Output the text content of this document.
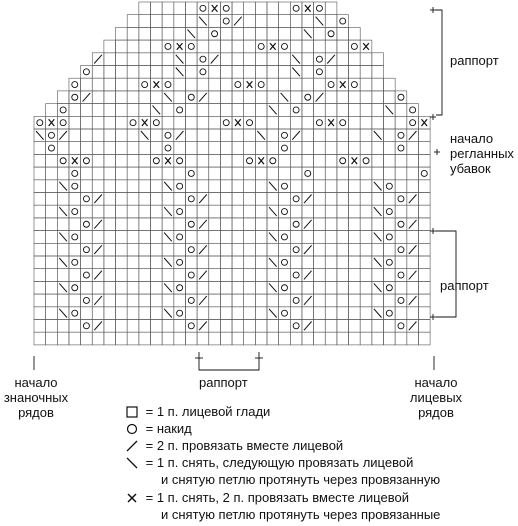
раппорт
начало
регланных
убавок
раппорт
раппорт
начало
знаночных
рядов
начало
лицевых
рядов
= 1 п. лицевой глади
= накид
= 2 п. провязать вместе лицевой
= 1 п. снять, следующую провязать лицевой
и снятую петлю протянуть через провязанную
= 1 п. снять, 2 п. провязать вместе лицевой
и снятую петлю протянуть через провязанные
